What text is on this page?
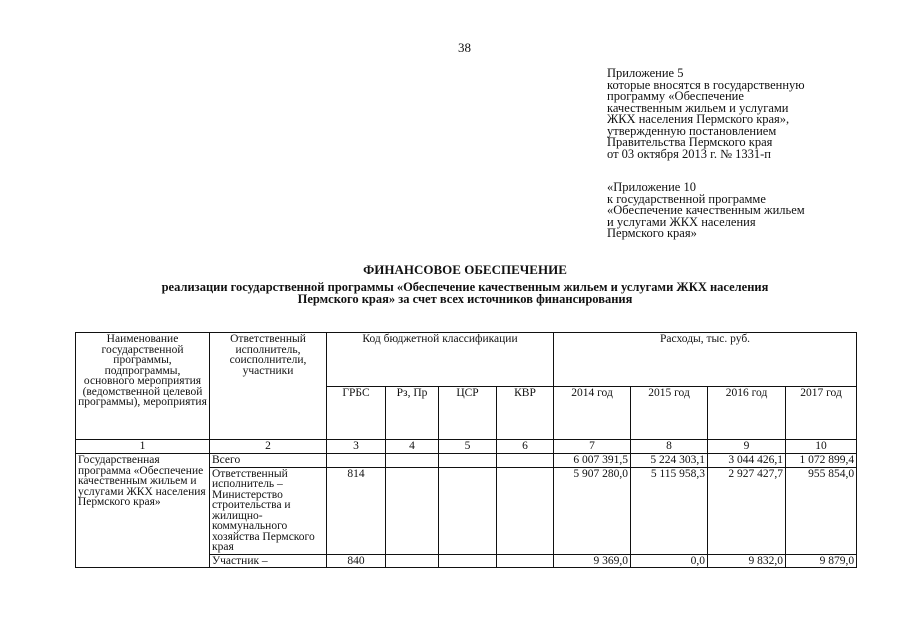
38
Приложение 5
которые вносятся в государственную
программу «Обеспечение
качественным жильем и услугами
ЖКХ населения Пермского края»,
утвержденную постановлением
Правительства Пермского края
от 03 октября 2013 г. № 1331-п
«Приложение 10
к государственной программе
«Обеспечение качественным жильем
и услугами ЖКХ населения
Пермского края»
ФИНАНСОВОЕ ОБЕСПЕЧЕНИЕ
реализации государственной программы «Обеспечение качественным жильем и услугами ЖКХ населения
Пермского края» за счет всех источников финансирования
Наименование государственной программы, подпрограммы, основного мероприятия (ведомственной целевой программы), мероприятия	Ответственный исполнитель, соисполнители, участники	Код бюджетной классификации				Расходы, тыс. руб.			
		ГРБС	Рз, Пр	ЦСР	КВР	2014 год	2015 год	2016 год	2017 год
1	2	3	4	5	6	7	8	9	10
Государственная программа «Обеспечение качественным жильем и услугами ЖКХ населения Пермского края»	Всего					6 007 391,5	5 224 303,1	3 044 426,1	1 072 899,4
	Ответственный исполнитель – Министерство строительства и жилищно-коммунального хозяйства Пермского края	814				5 907 280,0	5 115 958,3	2 927 427,7	955 854,0
	Участник –	840				9 369,0	0,0	9 832,0	9 879,0
